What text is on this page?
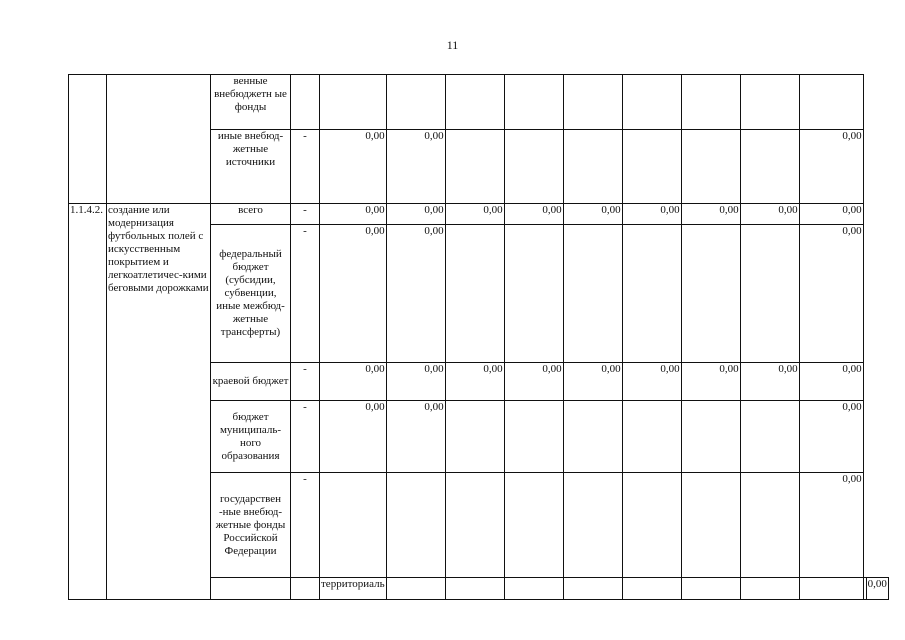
11
		венные внебюджетн ые фонды												
		иные внебюд-жетные источники	-	0,00	0,00							0,00		
1.1.4.2.	создание или модернизация футбольных полей с искусственным покрытием и легкоатлетичес-кими беговыми дорожками	всего	-	0,00	0,00	0,00	0,00	0,00	0,00	0,00	0,00	0,00		
		федеральный бюджет (субсидии, субвенции, иные межбюд-жетные трансферты)	-	0,00	0,00							0,00		
		краевой бюджет	-	0,00	0,00	0,00	0,00	0,00	0,00	0,00	0,00	0,00		
		бюджет муниципаль-ного образования	-	0,00	0,00							0,00		
		государствен -ные внебюд-жетные фонды Российской Федерации	-									0,00		
				территориаль										0,00
